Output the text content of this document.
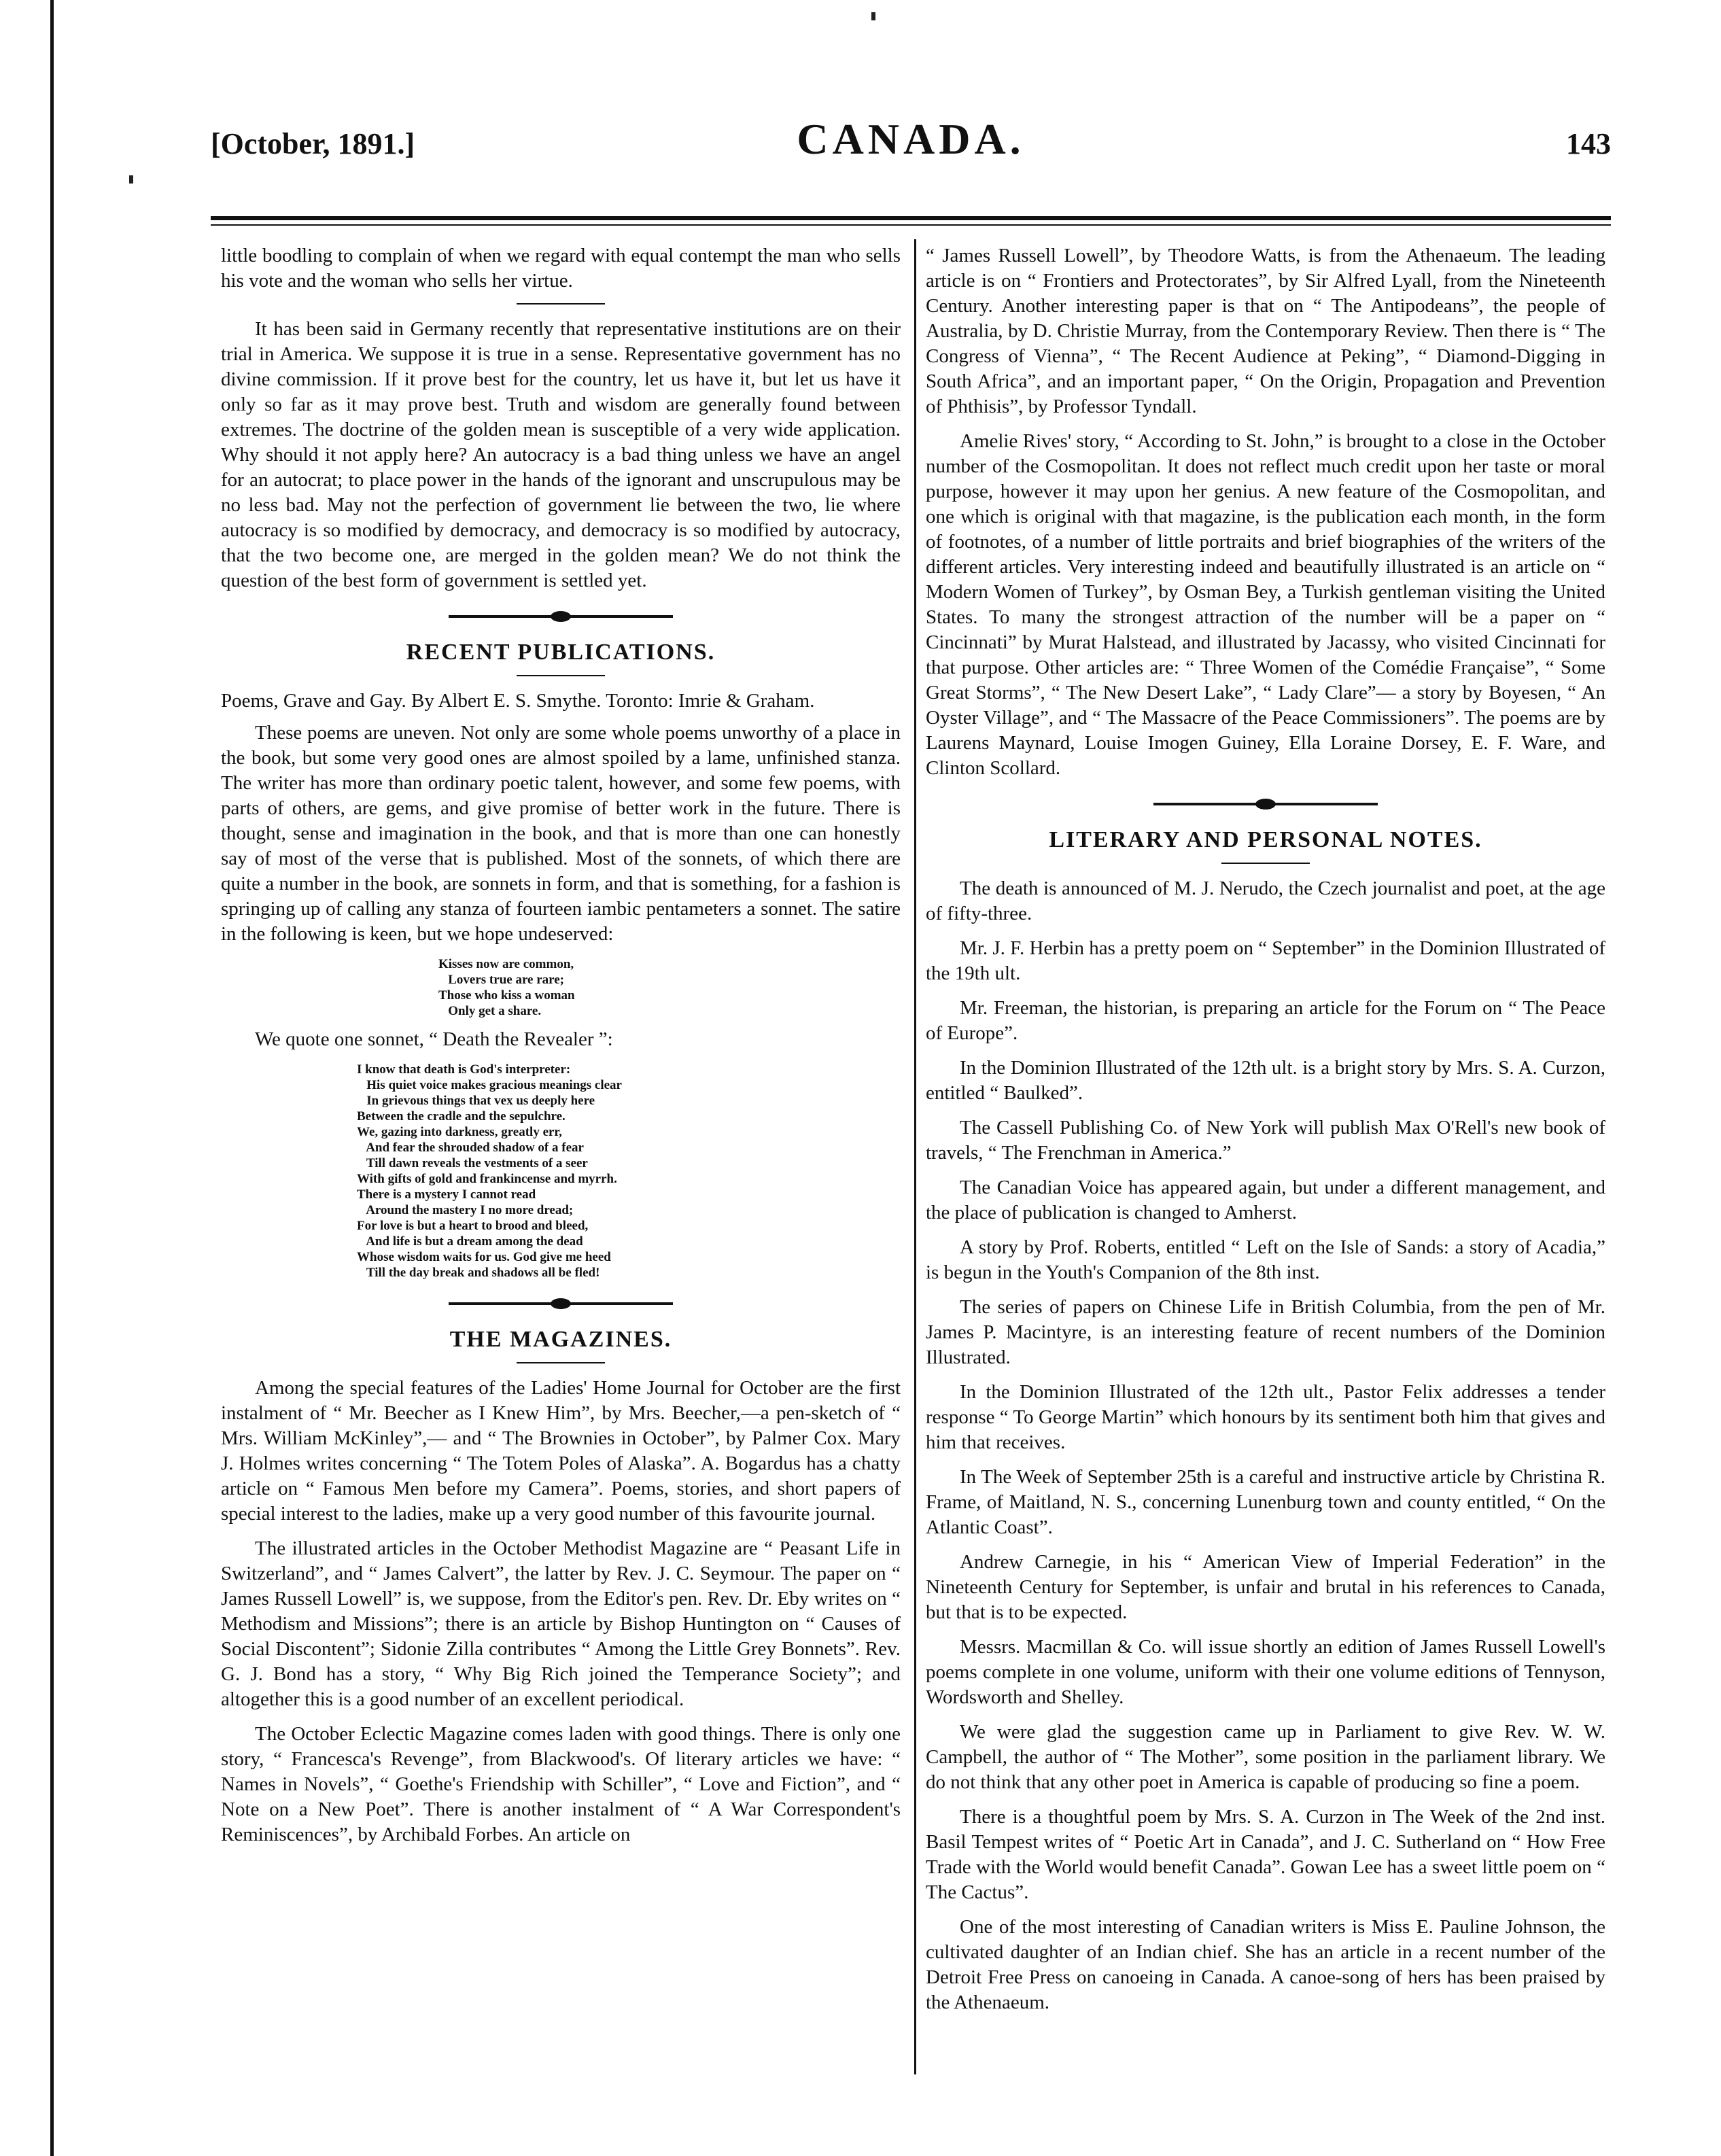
[October, 1891.]	CANADA.	143

little boodling to complain of when we regard with equal contempt the man who sells his vote and the woman who sells her virtue.

It has been said in Germany recently that representative institutions are on their trial in America. We suppose it is true in a sense. Representative government has no divine commission. If it prove best for the country, let us have it, but let us have it only so far as it may prove best. Truth and wisdom are generally found between extremes. The doctrine of the golden mean is susceptible of a very wide application. Why should it not apply here? An autocracy is a bad thing unless we have an angel for an autocrat; to place power in the hands of the ignorant and unscrupulous may be no less bad. May not the perfection of government lie between the two, lie where autocracy is so modified by democracy, and democracy is so modified by autocracy, that the two become one, are merged in the golden mean? We do not think the question of the best form of government is settled yet.

RECENT PUBLICATIONS.
Poems, Grave and Gay. By Albert E. S. Smythe. Toronto: Imrie & Graham.

These poems are uneven. Not only are some whole poems unworthy of a place in the book, but some very good ones are almost spoiled by a lame, unfinished stanza. The writer has more than ordinary poetic talent, however, and some few poems, with parts of others, are gems, and give promise of better work in the future. There is thought, sense and imagination in the book, and that is more than one can honestly say of most of the verse that is published. Most of the sonnets, of which there are quite a number in the book, are sonnets in form, and that is something, for a fashion is springing up of calling any stanza of fourteen iambic pentameters a sonnet. The satire in the following is keen, but we hope undeserved:

Kisses now are common,
Lovers true are rare;
Those who kiss a woman
Only get a share.

We quote one sonnet, “ Death the Revealer ”:

I know that death is God's interpreter:
His quiet voice makes gracious meanings clear
In grievous things that vex us deeply here
Between the cradle and the sepulchre.
We, gazing into darkness, greatly err,
And fear the shrouded shadow of a fear
Till dawn reveals the vestments of a seer
With gifts of gold and frankincense and myrrh.
There is a mystery I cannot read
Around the mastery I no more dread;
For love is but a heart to brood and bleed,
And life is but a dream among the dead
Whose wisdom waits for us. God give me heed
Till the day break and shadows all be fled!
THE MAGAZINES.

Among the special features of the Ladies' Home Journal for October are the first instalment of “ Mr. Beecher as I Knew Him”, by Mrs. Beecher,—a pen-sketch of “ Mrs. William McKinley”,— and “ The Brownies in October”, by Palmer Cox. Mary J. Holmes writes concerning “ The Totem Poles of Alaska”. A. Bogardus has a chatty article on “ Famous Men before my Camera”. Poems, stories, and short papers of special interest to the ladies, make up a very good number of this favourite journal.

The illustrated articles in the October Methodist Magazine are “ Peasant Life in Switzerland”, and “ James Calvert”, the latter by Rev. J. C. Seymour. The paper on “ James Russell Lowell” is, we suppose, from the Editor's pen. Rev. Dr. Eby writes on “ Methodism and Missions”; there is an article by Bishop Huntington on “ Causes of Social Discontent”; Sidonie Zilla contributes “ Among the Little Grey Bonnets”. Rev. G. J. Bond has a story, “ Why Big Rich joined the Temperance Society”; and altogether this is a good number of an excellent periodical.

The October Eclectic Magazine comes laden with good things. There is only one story, “ Francesca's Revenge”, from Blackwood's. Of literary articles we have: “ Names in Novels”, “ Goethe's Friendship with Schiller”, “ Love and Fiction”, and “ Note on a New Poet”. There is another instalment of “ A War Correspondent's Reminiscences”, by Archibald Forbes. An article on

“ James Russell Lowell”, by Theodore Watts, is from the Athenaeum. The leading article is on “ Frontiers and Protectorates”, by Sir Alfred Lyall, from the Nineteenth Century. Another interesting paper is that on “ The Antipodeans”, the people of Australia, by D. Christie Murray, from the Contemporary Review. Then there is “ The Congress of Vienna”, “ The Recent Audience at Peking”, “ Diamond-Digging in South Africa”, and an important paper, “ On the Origin, Propagation and Prevention of Phthisis”, by Professor Tyndall.

Amelie Rives' story, “ According to St. John,” is brought to a close in the October number of the Cosmopolitan. It does not reflect much credit upon her taste or moral purpose, however it may upon her genius. A new feature of the Cosmopolitan, and one which is original with that magazine, is the publication each month, in the form of footnotes, of a number of little portraits and brief biographies of the writers of the different articles. Very interesting indeed and beautifully illustrated is an article on “ Modern Women of Turkey”, by Osman Bey, a Turkish gentleman visiting the United States. To many the strongest attraction of the number will be a paper on “ Cincinnati” by Murat Halstead, and illustrated by Jacassy, who visited Cincinnati for that purpose. Other articles are: “ Three Women of the Comédie Française”, “ Some Great Storms”, “ The New Desert Lake”, “ Lady Clare”— a story by Boyesen, “ An Oyster Village”, and “ The Massacre of the Peace Commissioners”. The poems are by Laurens Maynard, Louise Imogen Guiney, Ella Loraine Dorsey, E. F. Ware, and Clinton Scollard.

LITERARY AND PERSONAL NOTES.

The death is announced of M. J. Nerudo, the Czech journalist and poet, at the age of fifty-three.

Mr. J. F. Herbin has a pretty poem on “ September” in the Dominion Illustrated of the 19th ult.

Mr. Freeman, the historian, is preparing an article for the Forum on “ The Peace of Europe”.

In the Dominion Illustrated of the 12th ult. is a bright story by Mrs. S. A. Curzon, entitled “ Baulked”.

The Cassell Publishing Co. of New York will publish Max O'Rell's new book of travels, “ The Frenchman in America.”

The Canadian Voice has appeared again, but under a different management, and the place of publication is changed to Amherst.

A story by Prof. Roberts, entitled “ Left on the Isle of Sands: a story of Acadia,” is begun in the Youth's Companion of the 8th inst.

The series of papers on Chinese Life in British Columbia, from the pen of Mr. James P. Macintyre, is an interesting feature of recent numbers of the Dominion Illustrated.

In the Dominion Illustrated of the 12th ult., Pastor Felix addresses a tender response “ To George Martin” which honours by its sentiment both him that gives and him that receives.

In The Week of September 25th is a careful and instructive article by Christina R. Frame, of Maitland, N. S., concerning Lunenburg town and county entitled, “ On the Atlantic Coast”.

Andrew Carnegie, in his “ American View of Imperial Federation” in the Nineteenth Century for September, is unfair and brutal in his references to Canada, but that is to be expected.

Messrs. Macmillan & Co. will issue shortly an edition of James Russell Lowell's poems complete in one volume, uniform with their one volume editions of Tennyson, Wordsworth and Shelley.

We were glad the suggestion came up in Parliament to give Rev. W. W. Campbell, the author of “ The Mother”, some position in the parliament library. We do not think that any other poet in America is capable of producing so fine a poem.

There is a thoughtful poem by Mrs. S. A. Curzon in The Week of the 2nd inst. Basil Tempest writes of “ Poetic Art in Canada”, and J. C. Sutherland on “ How Free Trade with the World would benefit Canada”. Gowan Lee has a sweet little poem on “ The Cactus”.

One of the most interesting of Canadian writers is Miss E. Pauline Johnson, the cultivated daughter of an Indian chief. She has an article in a recent number of the Detroit Free Press on canoeing in Canada. A canoe-song of hers has been praised by the Athenaeum.
